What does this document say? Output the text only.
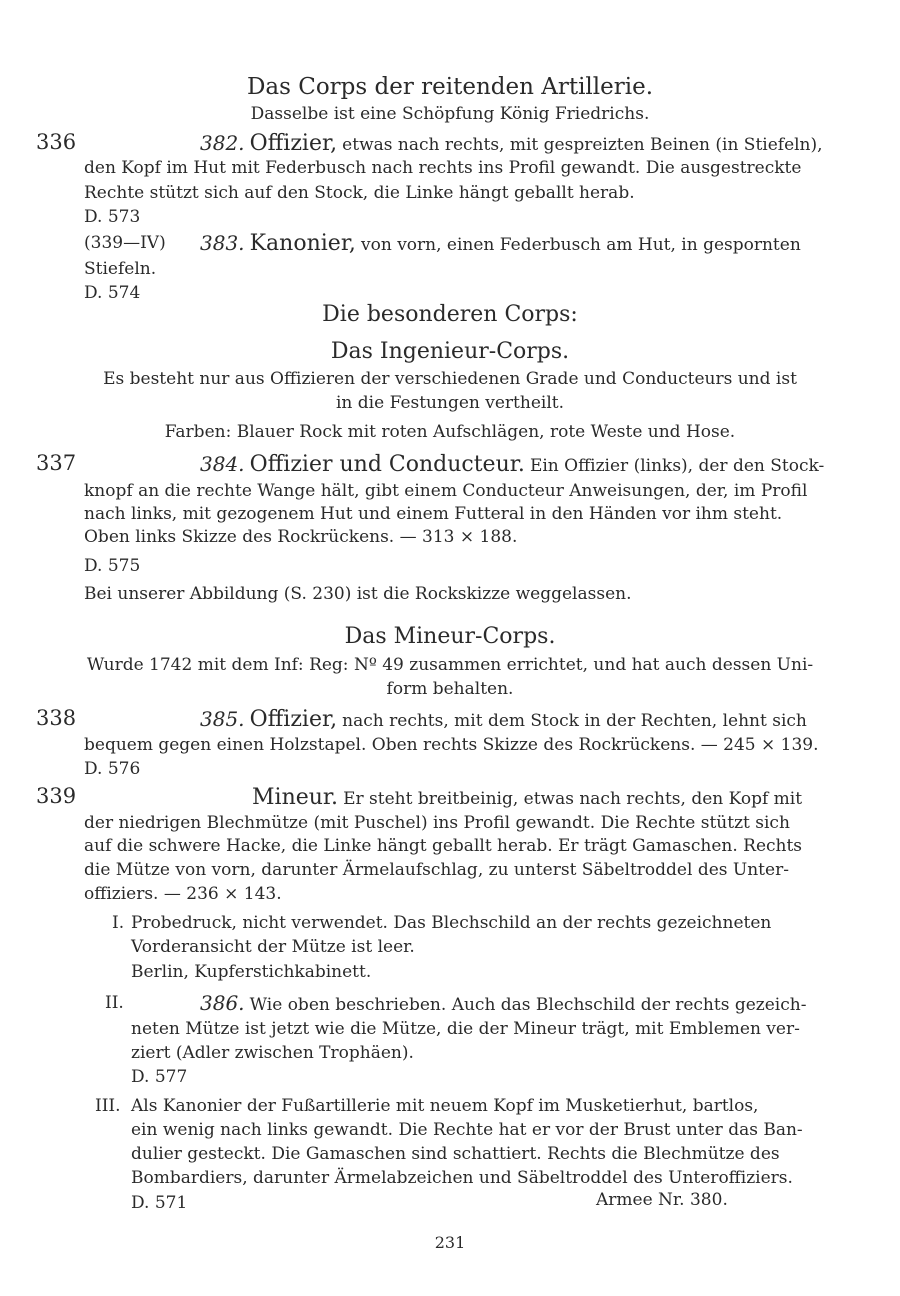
Das Corps der reitenden Artillerie.
Dasselbe ist eine Schöpfung König Friedrichs.
336	382. Offizier, etwas nach rechts, mit gespreizten Beinen (in Stiefeln),
den Kopf im Hut mit Federbusch nach rechts ins Profil gewandt. Die ausgestreckte
Rechte stützt sich auf den Stock, die Linke hängt geballt herab.
D. 573
(339—IV) 383. Kanonier, von vorn, einen Federbusch am Hut, in gespornten
Stiefeln.
D. 574
Die besonderen Corps:
Das Ingenieur-Corps.
Es besteht nur aus Offizieren der verschiedenen Grade und Conducteurs und ist
in die Festungen vertheilt.
Farben: Blauer Rock mit roten Aufschlägen, rote Weste und Hose.
337	384. Offizier und Conducteur. Ein Offizier (links), der den Stock-
knopf an die rechte Wange hält, gibt einem Conducteur Anweisungen, der, im Profil
nach links, mit gezogenem Hut und einem Futteral in den Händen vor ihm steht.
Oben links Skizze des Rockrückens. — 313 × 188.
D. 575
Bei unserer Abbildung (S. 230) ist die Rockskizze weggelassen.
Das Mineur-Corps.
Wurde 1742 mit dem Inf: Reg: Nº 49 zusammen errichtet, und hat auch dessen Uni-
form behalten.
338	385. Offizier, nach rechts, mit dem Stock in der Rechten, lehnt sich
bequem gegen einen Holzstapel. Oben rechts Skizze des Rockrückens. — 245 × 139.
D. 576
339	Mineur. Er steht breitbeinig, etwas nach rechts, den Kopf mit
der niedrigen Blechmütze (mit Puschel) ins Profil gewandt. Die Rechte stützt sich
auf die schwere Hacke, die Linke hängt geballt herab. Er trägt Gamaschen. Rechts
die Mütze von vorn, darunter Ärmelaufschlag, zu unterst Säbeltroddel des Unter-
offiziers. — 236 × 143.
I. Probedruck, nicht verwendet. Das Blechschild an der rechts gezeichneten
Vorderansicht der Mütze ist leer.
Berlin, Kupferstichkabinett.
II.	386. Wie oben beschrieben. Auch das Blechschild der rechts gezeich-
neten Mütze ist jetzt wie die Mütze, die der Mineur trägt, mit Emblemen ver-
ziert (Adler zwischen Trophäen).
D. 577
III. Als Kanonier der Fußartillerie mit neuem Kopf im Musketierhut, bartlos,
ein wenig nach links gewandt. Die Rechte hat er vor der Brust unter das Ban-
dulier gesteckt. Die Gamaschen sind schattiert. Rechts die Blechmütze des
Bombardiers, darunter Ärmelabzeichen und Säbeltroddel des Unteroffiziers.
D. 571	Armee Nr. 380.
231
